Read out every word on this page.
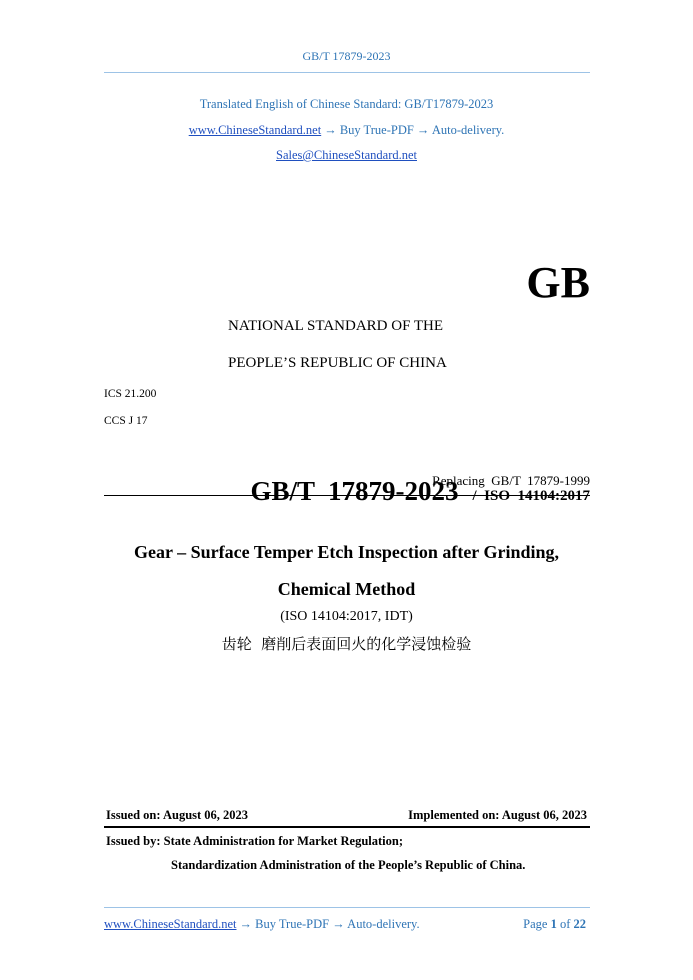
GB/T 17879-2023
Translated English of Chinese Standard: GB/T17879-2023
www.ChineseStandard.net → Buy True-PDF → Auto-delivery.
Sales@ChineseStandard.net
GB
NATIONAL STANDARD OF THE
PEOPLE’S REPUBLIC OF CHINA
ICS 21.200
CCS J 17

GB/T  17879-2023 /  ISO  14104:2017

Replacing  GB/T  17879-1999
Gear – Surface Temper Etch Inspection after Grinding,
Chemical Method
(ISO 14104:2017, IDT)
齿轮  磨削后表面回火的化学浸蚀检验
Issued on: August 06, 2023	Implemented on: August 06, 2023
Issued by: State Administration for Market Regulation;
Standardization Administration of the People’s Republic of China.
www.ChineseStandard.net → Buy True-PDF → Auto-delivery.	Page 1 of 22
